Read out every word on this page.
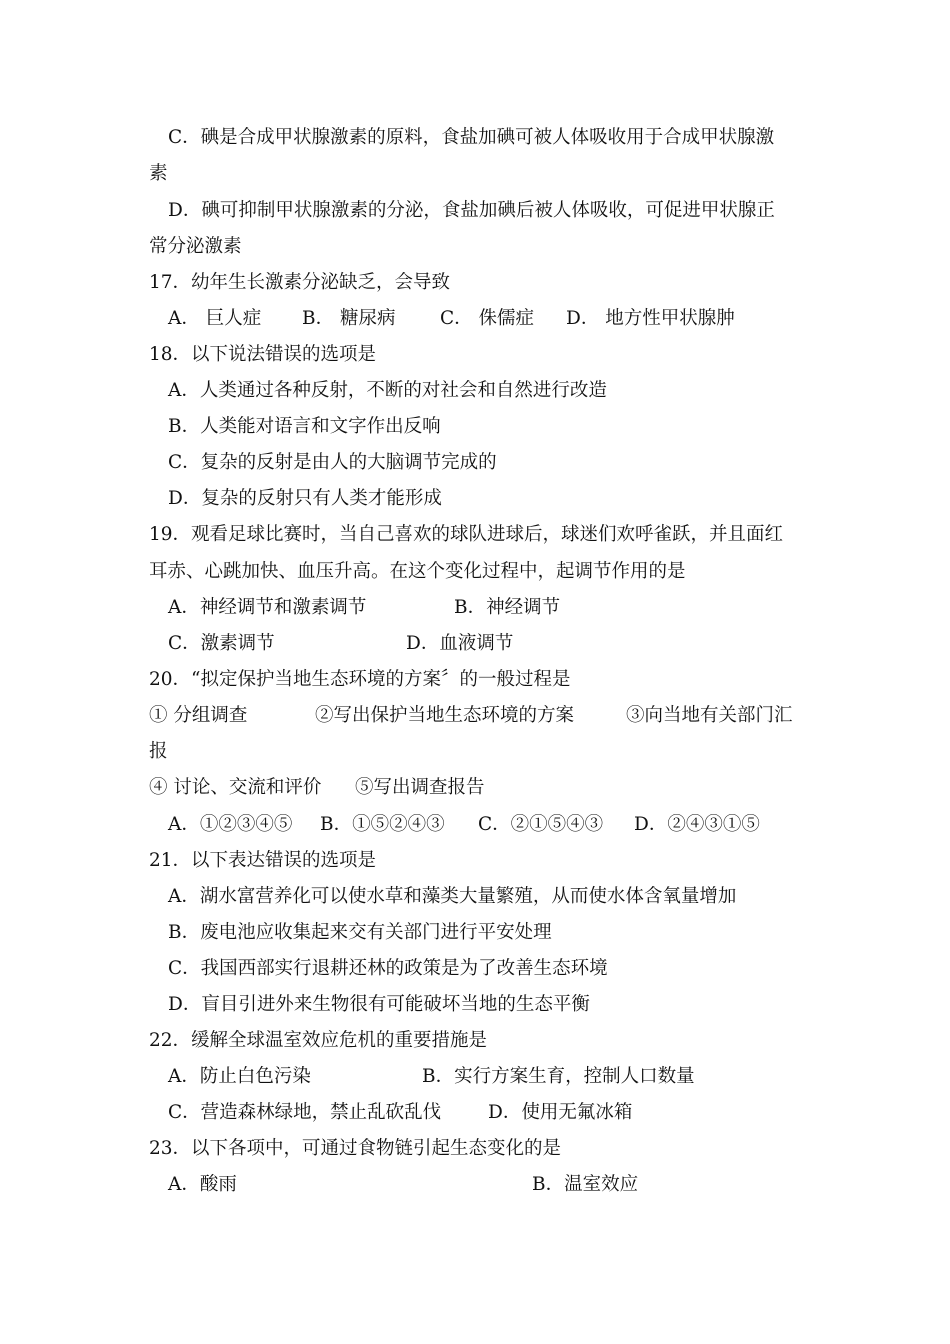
C．碘是合成甲状腺激素的原料，食盐加碘可被人体吸收用于合成甲状腺激
素
D．碘可抑制甲状腺激素的分泌，食盐加碘后被人体吸收，可促进甲状腺正
常分泌激素
17．幼年生长激素分泌缺乏，会导致
A． 巨人症 B． 糖尿病 C． 侏儒症 D． 地方性甲状腺肿
18．以下说法错误的选项是
A．人类通过各种反射，不断的对社会和自然进行改造
B．人类能对语言和文字作出反响
C．复杂的反射是由人的大脑调节完成的
D．复杂的反射只有人类才能形成
19．观看足球比赛时，当自己喜欢的球队进球后，球迷们欢呼雀跃，并且面红
耳赤、心跳加快、血压升高。在这个变化过程中，起调节作用的是
A．神经调节和激素调节	B．神经调节
C．激素调节	D．血液调节
20．“拟定保护当地生态环境的方案〞的一般过程是
① 分组调查	②写出保护当地生态环境的方案	③向当地有关部门汇
报
④ 讨论、交流和评价 ⑤写出调查报告
A．①②③④⑤ B．①⑤②④③ C．②①⑤④③ D．②④③①⑤
21．以下表达错误的选项是
A．湖水富营养化可以使水草和藻类大量繁殖，从而使水体含氧量增加
B．废电池应收集起来交有关部门进行平安处理
C．我国西部实行退耕还林的政策是为了改善生态环境
D．盲目引进外来生物很有可能破坏当地的生态平衡
22．缓解全球温室效应危机的重要措施是
A．防止白色污染	B．实行方案生育，控制人口数量
C．营造森林绿地，禁止乱砍乱伐	D．使用无氟冰箱
23．以下各项中，可通过食物链引起生态变化的是
A．酸雨	B．温室效应
